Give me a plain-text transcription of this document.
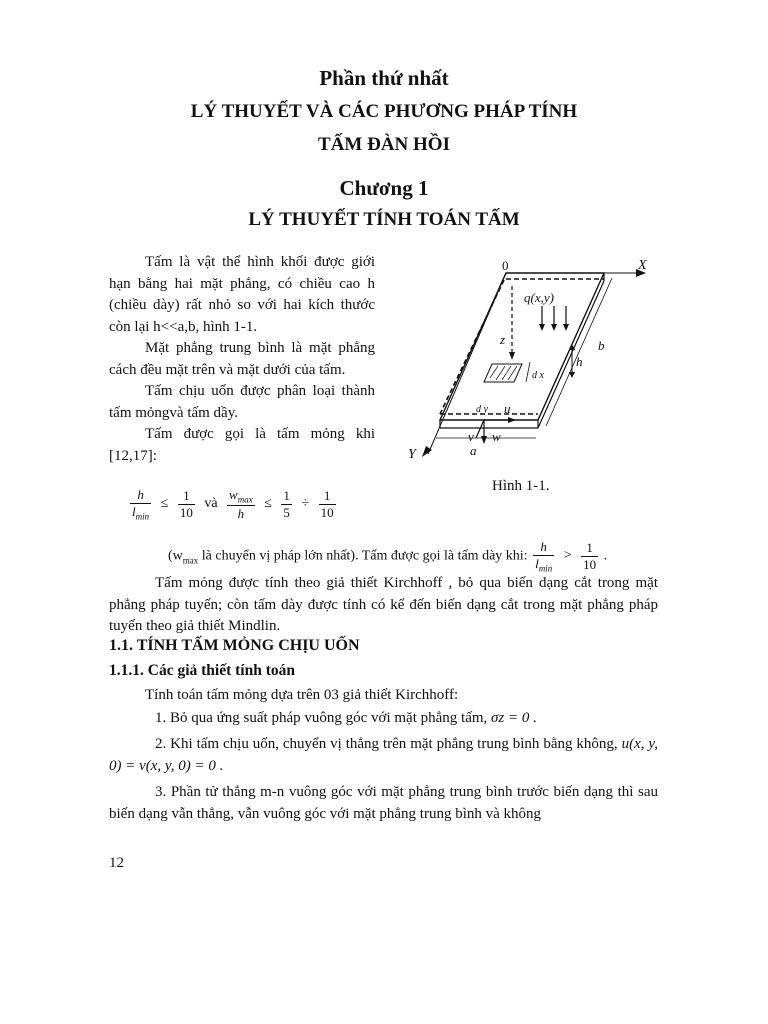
Phần thứ nhất
LÝ THUYẾT VÀ CÁC PHƯƠNG PHÁP TÍNH
TẤM ĐÀN HỒI
Chương 1
LÝ THUYẾT TÍNH TOÁN TẤM

Tấm là vật thể hình khối được giới hạn bằng hai mặt phẳng, có chiều cao h (chiều dày) rất nhỏ so với hai kích thước còn lại h<<a,b, hình 1-1.

Mặt phẳng trung bình là mặt phẳng cách đều mặt trên và mặt dưới của tấm.

Tấm chịu uốn được phân loại thành tấm mỏngvà tấm dầy.

Tấm được gọi là tấm mỏng khi [12,17]:

$\frac{h}{l_{min}} \le \frac{1}{10}$ và $\frac{w_{max}}{h} \le \frac{1}{5} \div \frac{1}{10}$
0	X
Y
z
q(x,y)
h
b
a
d x
d y u
v w
Hình 1-1.
($w_{max}$ là chuyển vị pháp lớn nhất). Tấm được gọi là tấm dày khi: $\frac{h}{l_{min}} > \frac{1}{10}$ .

Tấm mỏng được tính theo giả thiết Kirchhoff , bỏ qua biến dạng cắt trong mặt phẳng pháp tuyến; còn tấm dày được tính có kể đến biến dạng cắt trong mặt phẳng pháp tuyến theo giả thiết Mindlin.

1.1. TÍNH TẤM MỎNG CHỊU UỐN
1.1.1. Các giả thiết tính toán

Tính toán tấm mỏng dựa trên 03 giả thiết Kirchhoff:

1. Bỏ qua ứng suất pháp vuông góc với mặt phẳng tấm, σz = 0 .

2. Khi tấm chịu uốn, chuyển vị thẳng trên mặt phẳng trung bình bằng không, u(x, y, 0) = v(x, y, 0) = 0 .

3. Phần tử thẳng m-n vuông góc với mặt phẳng trung bình trước biến dạng thì sau biến dạng vẫn thẳng, vẫn vuông góc với mặt phẳng trung bình và không

12
